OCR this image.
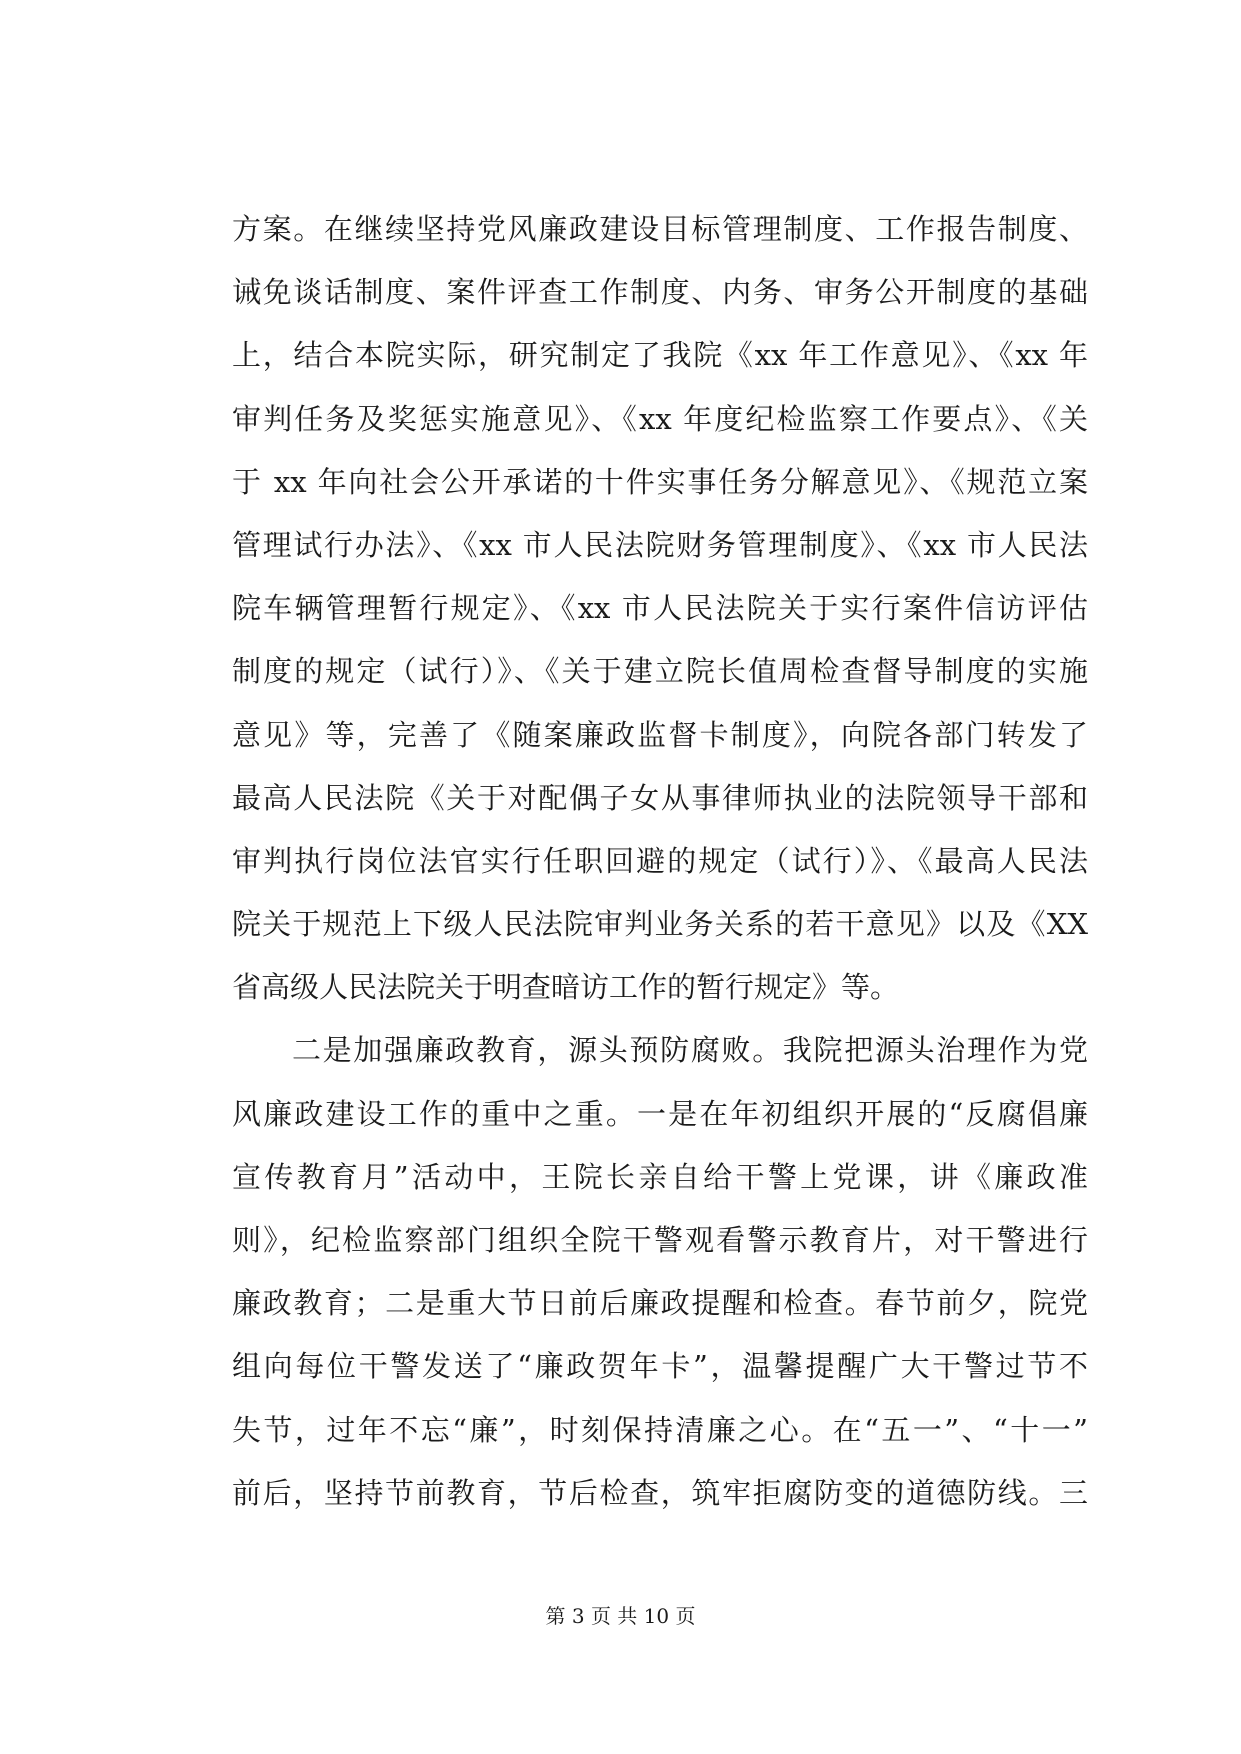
方案。在继续坚持党风廉政建设目标管理制度、工作报告制度、
诫免谈话制度、案件评查工作制度、内务、审务公开制度的基础
上，结合本院实际，研究制定了我院《xx 年工作意见》、《xx 年
审判任务及奖惩实施意见》、《xx 年度纪检监察工作要点》、《关
于 xx 年向社会公开承诺的十件实事任务分解意见》、《规范立案
管理试行办法》、《xx 市人民法院财务管理制度》、《xx 市人民法
院车辆管理暂行规定》、《xx 市人民法院关于实行案件信访评估
制度的规定（试行）》、《关于建立院长值周检查督导制度的实施
意见》等，完善了《随案廉政监督卡制度》，向院各部门转发了
最高人民法院《关于对配偶子女从事律师执业的法院领导干部和
审判执行岗位法官实行任职回避的规定（试行）》、《最高人民法
院关于规范上下级人民法院审判业务关系的若干意见》以及《XX
省高级人民法院关于明查暗访工作的暂行规定》等。
二是加强廉政教育，源头预防腐败。我院把源头治理作为党
风廉政建设工作的重中之重。一是在年初组织开展的“反腐倡廉
宣传教育月”活动中，王院长亲自给干警上党课，讲《廉政准
则》，纪检监察部门组织全院干警观看警示教育片，对干警进行
廉政教育；二是重大节日前后廉政提醒和检查。春节前夕，院党
组向每位干警发送了“廉政贺年卡”，温馨提醒广大干警过节不
失节，过年不忘“廉”，时刻保持清廉之心。在“五一”、“十一”
前后，坚持节前教育，节后检查，筑牢拒腐防变的道德防线。三
第 3 页 共 10 页
